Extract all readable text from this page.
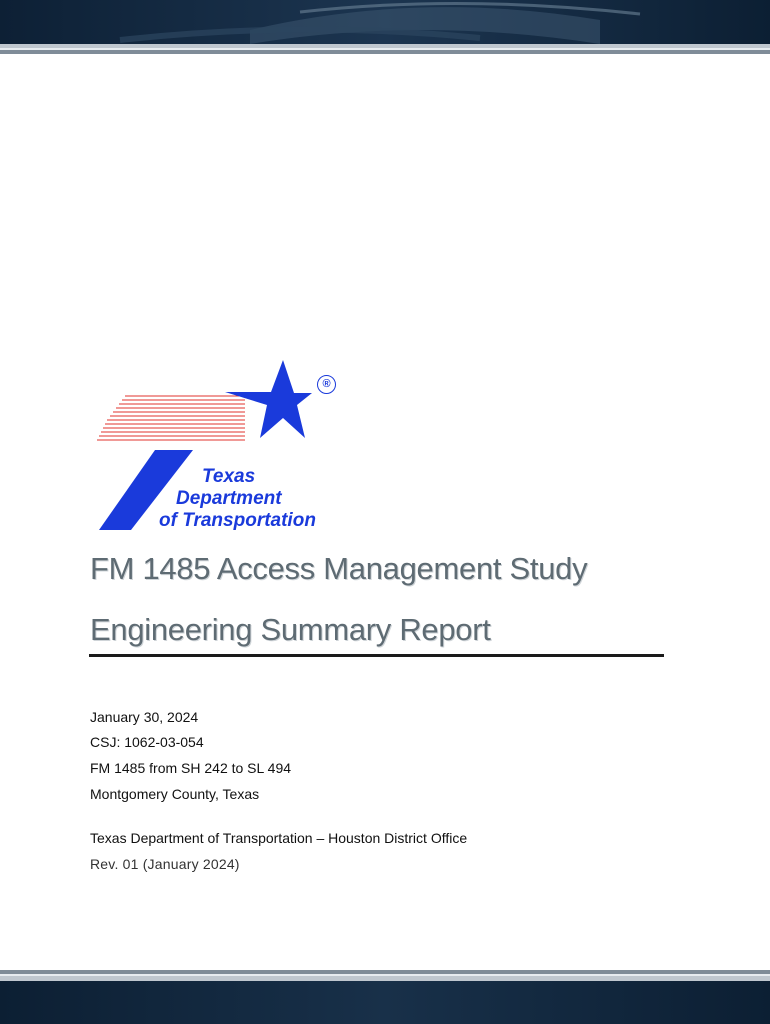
®
Texas
Department
of Transportation
FM 1485 Access Management Study
Engineering Summary Report
January 30, 2024
CSJ: 1062-03-054
FM 1485 from SH 242 to SL 494
Montgomery County, Texas
Texas Department of Transportation – Houston District Office
Rev. 01 (January 2024)
